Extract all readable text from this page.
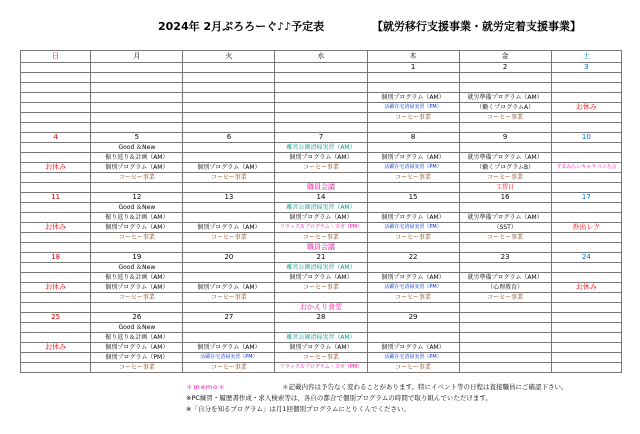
2024年 2月ぷろろーぐ♪♪予定表	【就労移行支援事業・就労定着支援事業】
日	月	火	水	木	金	土
				1	2	3

				個別プログラム（AM）	就労準備プログラム（AM）	
				活躍在宅清掃実習（PM）	（働くプログラムA）	お休み
				コーヒー事業	コーヒー事業	

4	5	6	7	8	9	10
	Good ＆New		離宮公園清掃実習（AM）			
	振り返り＆計画（AM）		個別プログラム（AM）	個別プログラム（AM）	就労準備プログラム（AM）	
お休み	個別プログラム（AM）	個別プログラム（AM）	コーヒー事業	活躍在宅清掃実習（PM）	（働くプログラムB）	すまみらいキャラバン大会
	コーヒー事業	コーヒー事業		コーヒー事業	コーヒー事業	
			職員会議		工賃日	
11	12	13	14	15	16	17
	Good ＆New		離宮公園清掃実習（AM）			
	振り返り＆計画（AM）		個別プログラム（AM）	個別プログラム（AM）	就労準備プログラム（AM）	
お休み	個別プログラム（AM）	個別プログラム（AM）	リラックスプログラム・ヨガ（PM）	活躍在宅清掃実習（PM）	（SST）	外出レク
	コーヒー事業	コーヒー事業	コーヒー事業	コーヒー事業	コーヒー事業	
			職員会議			
18	19	20	21	22	23	24
	Good ＆New		離宮公園清掃実習（AM）			
	振り返り＆計画（AM）		個別プログラム（AM）	個別プログラム（AM）	就労準備プログラム（AM）	
お休み	個別プログラム（AM）	個別プログラム（AM）	コーヒー事業	活躍在宅清掃実習（PM）	（心理教育）	お休み
	コーヒー事業	コーヒー事業		コーヒー事業	コーヒー事業	
			おかえり食堂			
25	26	27	28	29		
	Good ＆New					
	振り返り＆計画（AM）		離宮公園清掃実習（AM）			
お休み	個別プログラム（AM）	個別プログラム（AM）	個別プログラム（AM）	個別プログラム（AM）		
	個別プログラム（PM）	活躍在宅清掃実習（PM）	コーヒー事業	活躍在宅清掃実習（PM）		
	コーヒー事業	コーヒー事業	リラックスプログラム・ヨガ（PM）	コーヒー事業		
＊memo＊	＊記載内容は予告なく変わることがあります。特にイベント等の日程は直接職員にご確認下さい。
※PC練習・履歴書作成・求人検索等は、各自の都合で個別プログラムの時間で取り組んでいただけます。
※「自分を知るプログラム」は月1回個別プログラムにとりくんでください。
